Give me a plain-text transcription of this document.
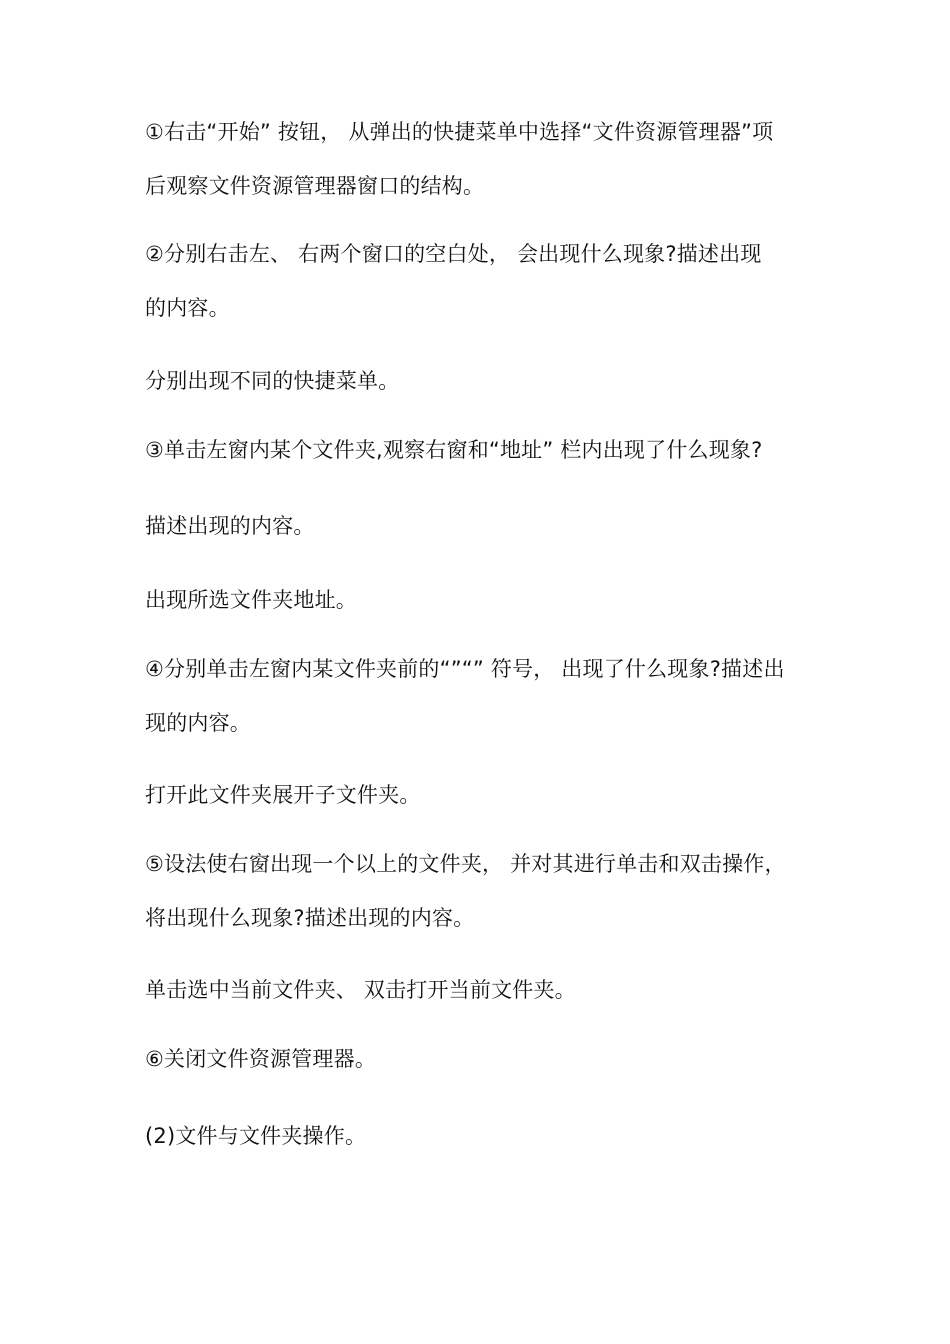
①右击“开始” 按钮， 从弹出的快捷菜单中选择“文件资源管理器”项
后观察文件资源管理器窗口的结构。
②分别右击左、 右两个窗口的空白处， 会出现什么现象?描述出现
的内容。
分别出现不同的快捷菜单。
③单击左窗内某个文件夹,观察右窗和“地址” 栏内出现了什么现象?
描述出现的内容。
出现所选文件夹地址。
④分别单击左窗内某文件夹前的“”“” 符号， 出现了什么现象?描述出
现的内容。
打开此文件夹展开子文件夹。
⑤设法使右窗出现一个以上的文件夹， 并对其进行单击和双击操作，
将出现什么现象?描述出现的内容。
单击选中当前文件夹、 双击打开当前文件夹。
⑥关闭文件资源管理器。
(2)文件与文件夹操作。
